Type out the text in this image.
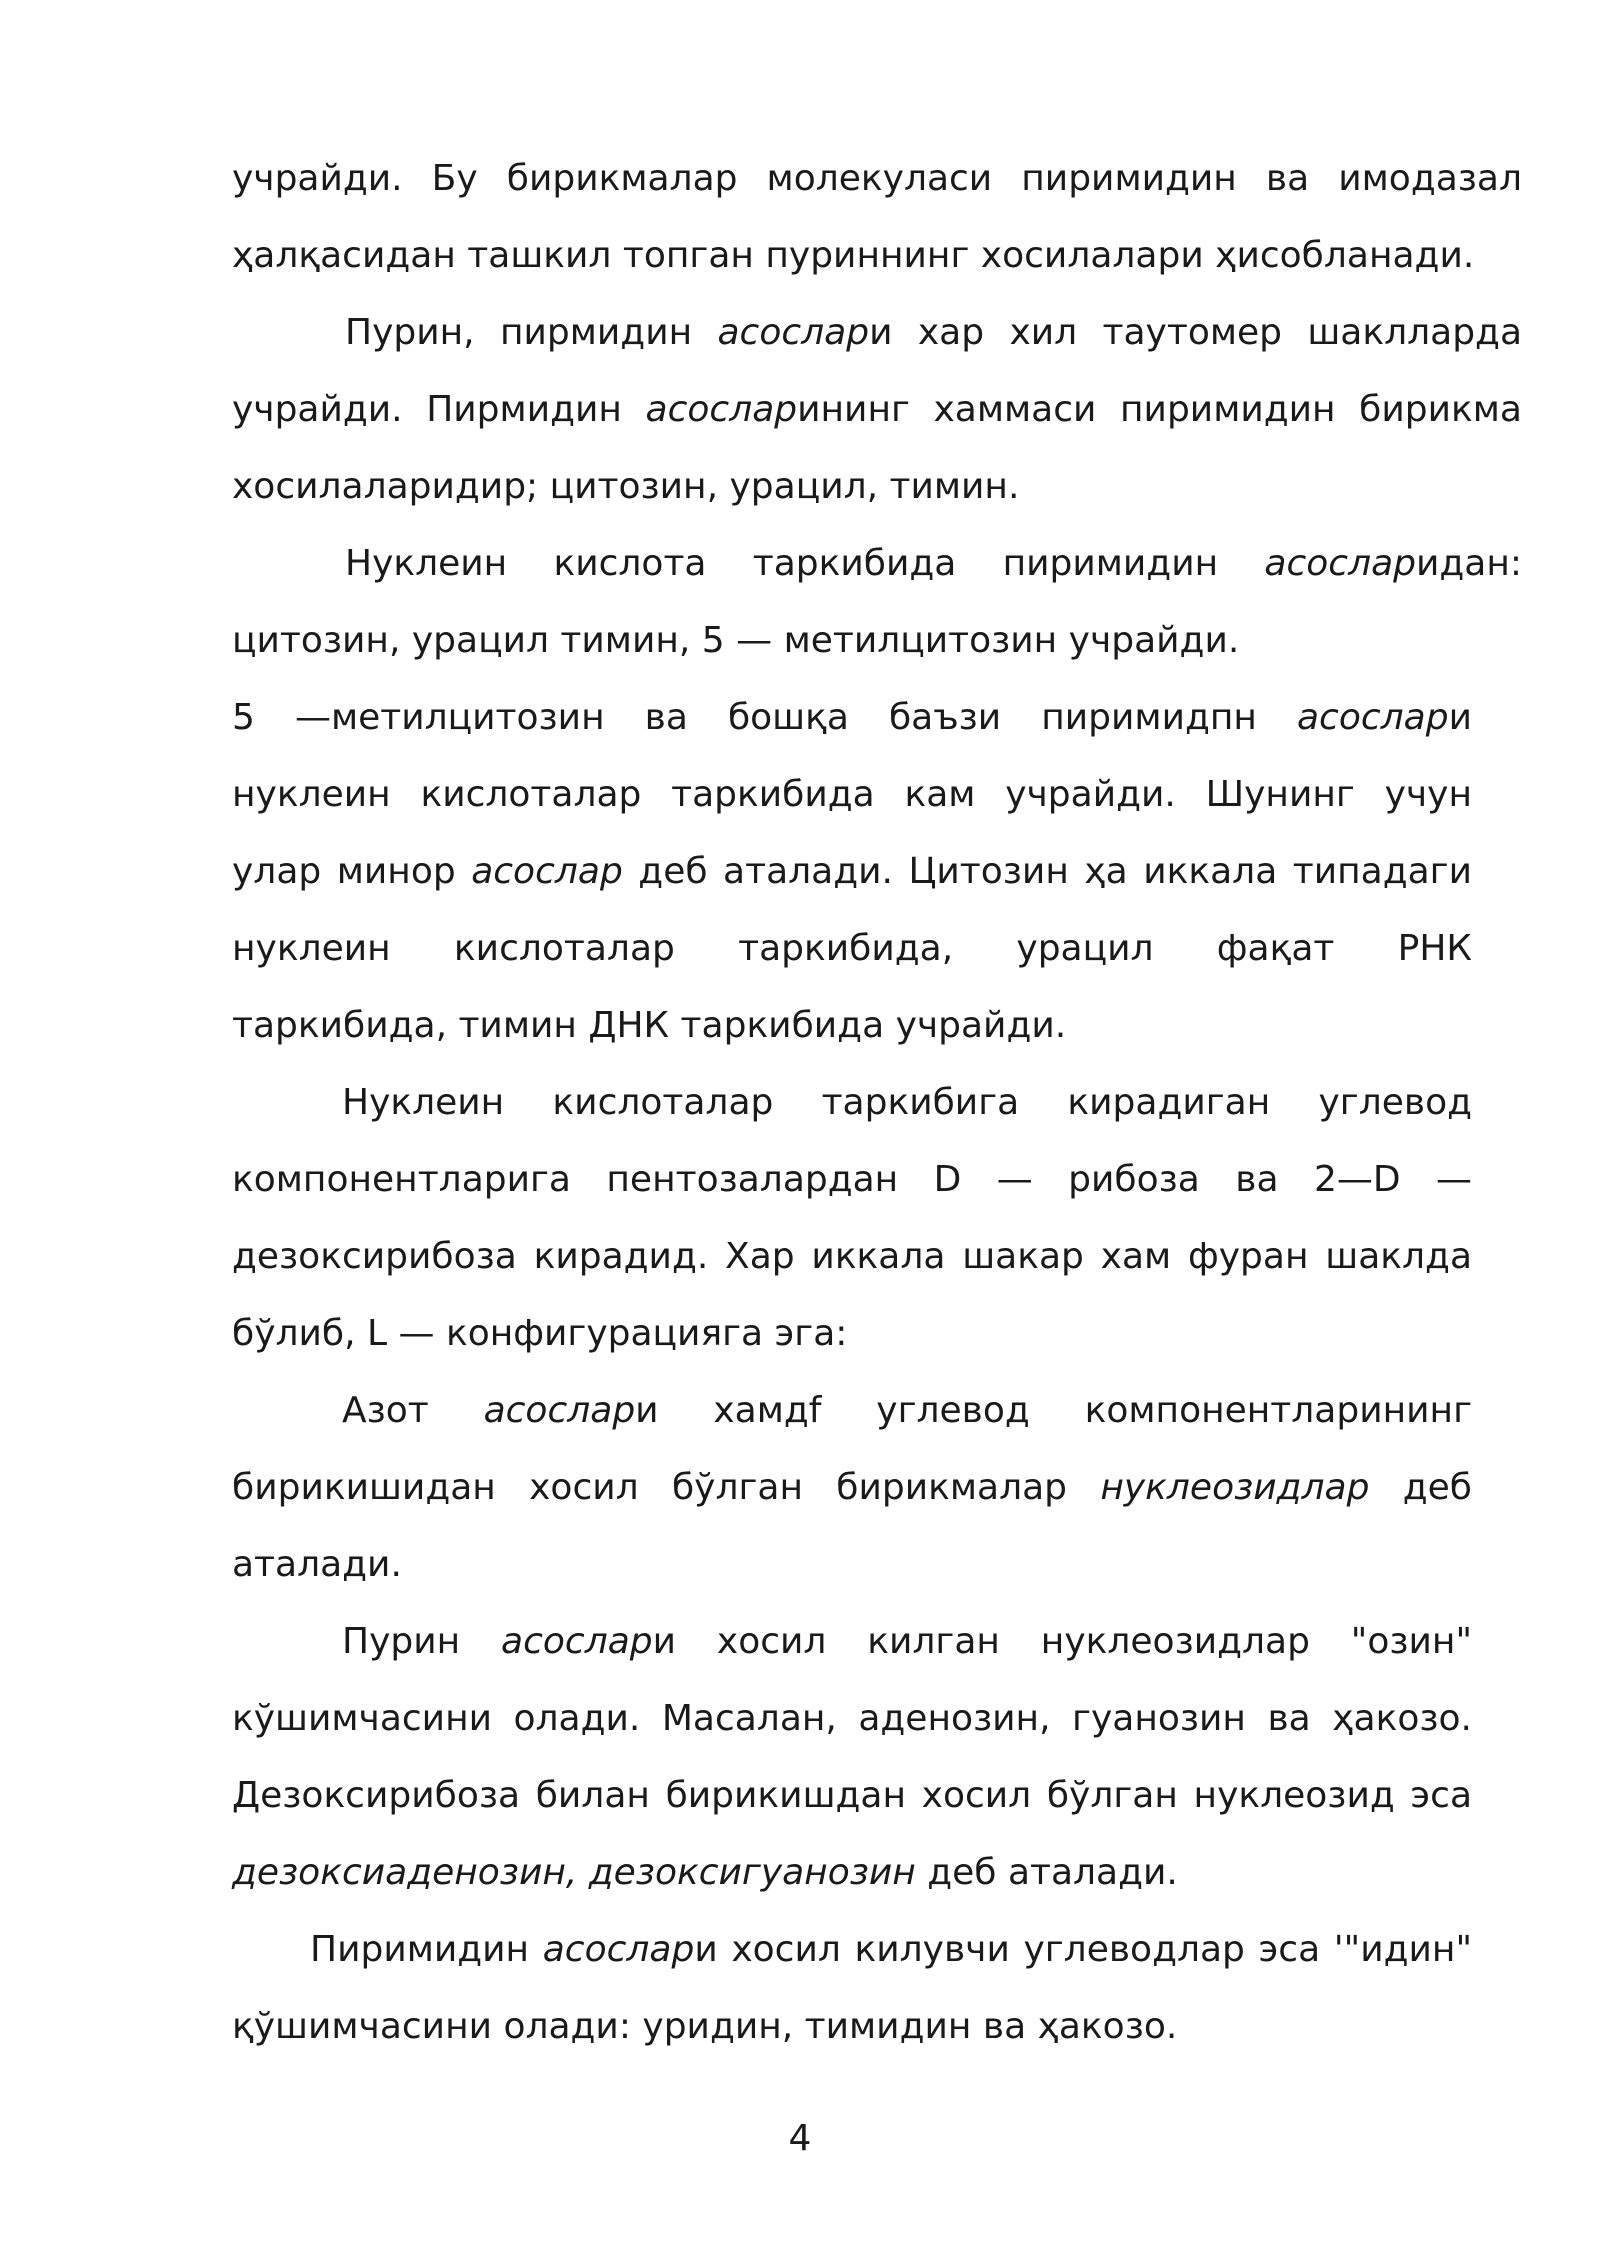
учрайди. Бу бирикмалар молекуласи пиримидин ва имодазал

ҳалқасидан ташкил топган пуриннинг хосилалари ҳисобланади.

Пурин, пирмидин асослари хар хил таутомер шаклларда

учрайди. Пирмидин асосларининг хаммаси пиримидин бирикма

хосилаларидир; цитозин, урацил, тимин.

Нуклеин кислота таркибида пиримидин асосларидан:

цитозин, урацил тимин, 5 — метилцитозин учрайди.

5 —метилцитозин ва бошқа баъзи пиримидпн асослари

нуклеин кислоталар таркибида кам учрайди. Шунинг учун

улар минор асослар деб аталади. Цитозин ҳа иккала типадаги

нуклеин кислоталар таркибида, урацил фақат РНК

таркибида, тимин ДНК таркибида учрайди.

Нуклеин кислоталар таркибига кирадиган углевод

компонентларига пентозалардан D — рибоза ва 2—D —

дезоксирибоза кирадид. Хар иккала шакар хам фуран шаклда

бўлиб, L — конфигурацияга эга:

Азот асослари хамдf углевод компонентларининг

бирикишидан хосил бўлган бирикмалар нуклеозидлар деб

аталади.

Пурин асослари хосил килган нуклеозидлар "озин"

кўшимчасини олади. Масалан, аденозин, гуанозин ва ҳакозо.

Дезоксирибоза билан бирикишдан хосил бўлган нуклеозид эса

дезоксиаденозин, дезоксигуанозин деб аталади.

Пиримидин асослари хосил килувчи углеводлар эса '"идин"

қўшимчасини олади: уридин, тимидин ва ҳакозо.

4
